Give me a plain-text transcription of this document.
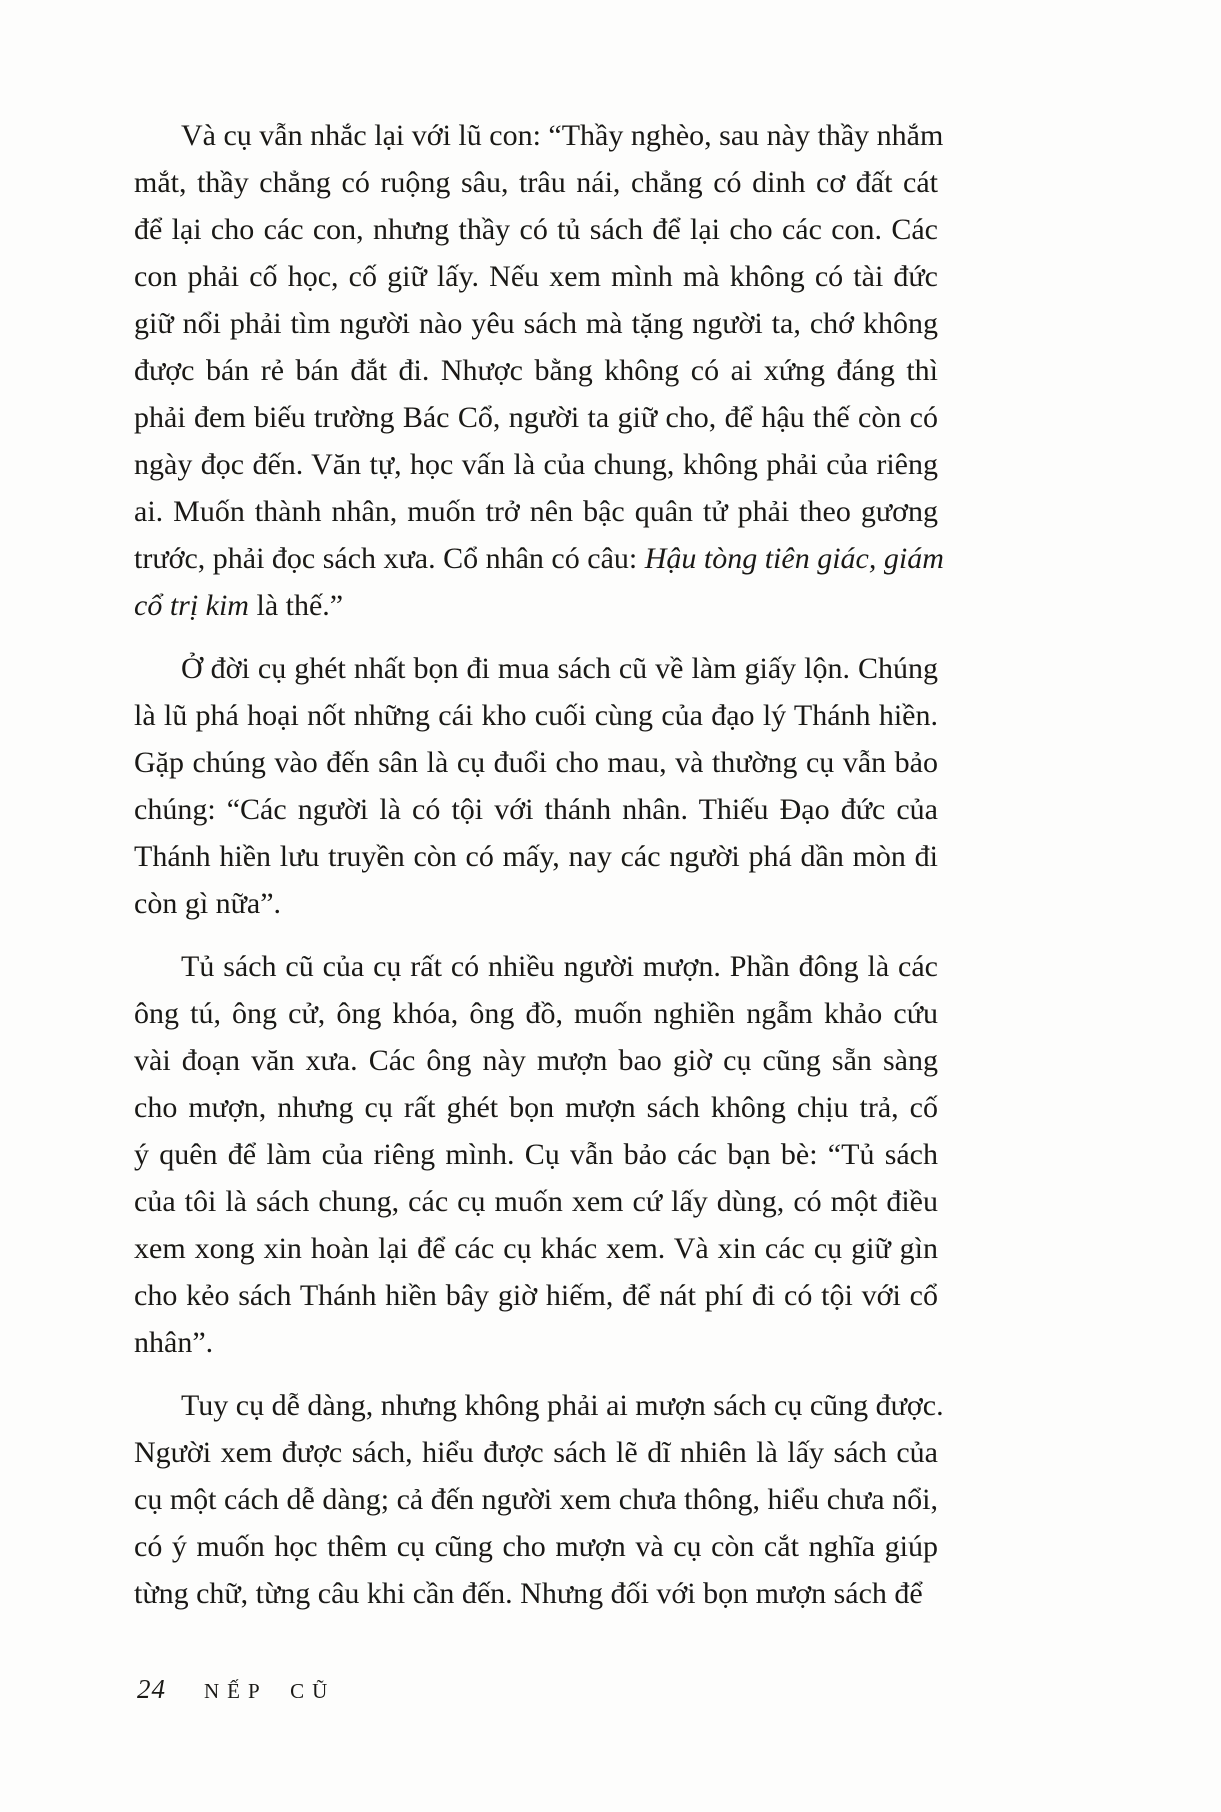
Và cụ vẫn nhắc lại với lũ con: “Thầy nghèo, sau này thầy nhắm
mắt, thầy chẳng có ruộng sâu, trâu nái, chẳng có dinh cơ đất cát
để lại cho các con, nhưng thầy có tủ sách để lại cho các con. Các
con phải cố học, cố giữ lấy. Nếu xem mình mà không có tài đức
giữ nổi phải tìm người nào yêu sách mà tặng người ta, chớ không
được bán rẻ bán đắt đi. Nhược bằng không có ai xứng đáng thì
phải đem biếu trường Bác Cổ, người ta giữ cho, để hậu thế còn có
ngày đọc đến. Văn tự, học vấn là của chung, không phải của riêng
ai. Muốn thành nhân, muốn trở nên bậc quân tử phải theo gương
trước, phải đọc sách xưa. Cổ nhân có câu: Hậu tòng tiên giác, giám
cổ trị kim là thế.”
Ở đời cụ ghét nhất bọn đi mua sách cũ về làm giấy lộn. Chúng
là lũ phá hoại nốt những cái kho cuối cùng của đạo lý Thánh hiền.
Gặp chúng vào đến sân là cụ đuổi cho mau, và thường cụ vẫn bảo
chúng: “Các người là có tội với thánh nhân. Thiếu Đạo đức của
Thánh hiền lưu truyền còn có mấy, nay các người phá dần mòn đi
còn gì nữa”.
Tủ sách cũ của cụ rất có nhiều người mượn. Phần đông là các
ông tú, ông cử, ông khóa, ông đồ, muốn nghiền ngẫm khảo cứu
vài đoạn văn xưa. Các ông này mượn bao giờ cụ cũng sẵn sàng
cho mượn, nhưng cụ rất ghét bọn mượn sách không chịu trả, cố
ý quên để làm của riêng mình. Cụ vẫn bảo các bạn bè: “Tủ sách
của tôi là sách chung, các cụ muốn xem cứ lấy dùng, có một điều
xem xong xin hoàn lại để các cụ khác xem. Và xin các cụ giữ gìn
cho kẻo sách Thánh hiền bây giờ hiếm, để nát phí đi có tội với cổ
nhân”.
Tuy cụ dễ dàng, nhưng không phải ai mượn sách cụ cũng được.
Người xem được sách, hiểu được sách lẽ dĩ nhiên là lấy sách của
cụ một cách dễ dàng; cả đến người xem chưa thông, hiểu chưa nổi,
có ý muốn học thêm cụ cũng cho mượn và cụ còn cắt nghĩa giúp
từng chữ, từng câu khi cần đến. Nhưng đối với bọn mượn sách để
24 NẾP CŨ
